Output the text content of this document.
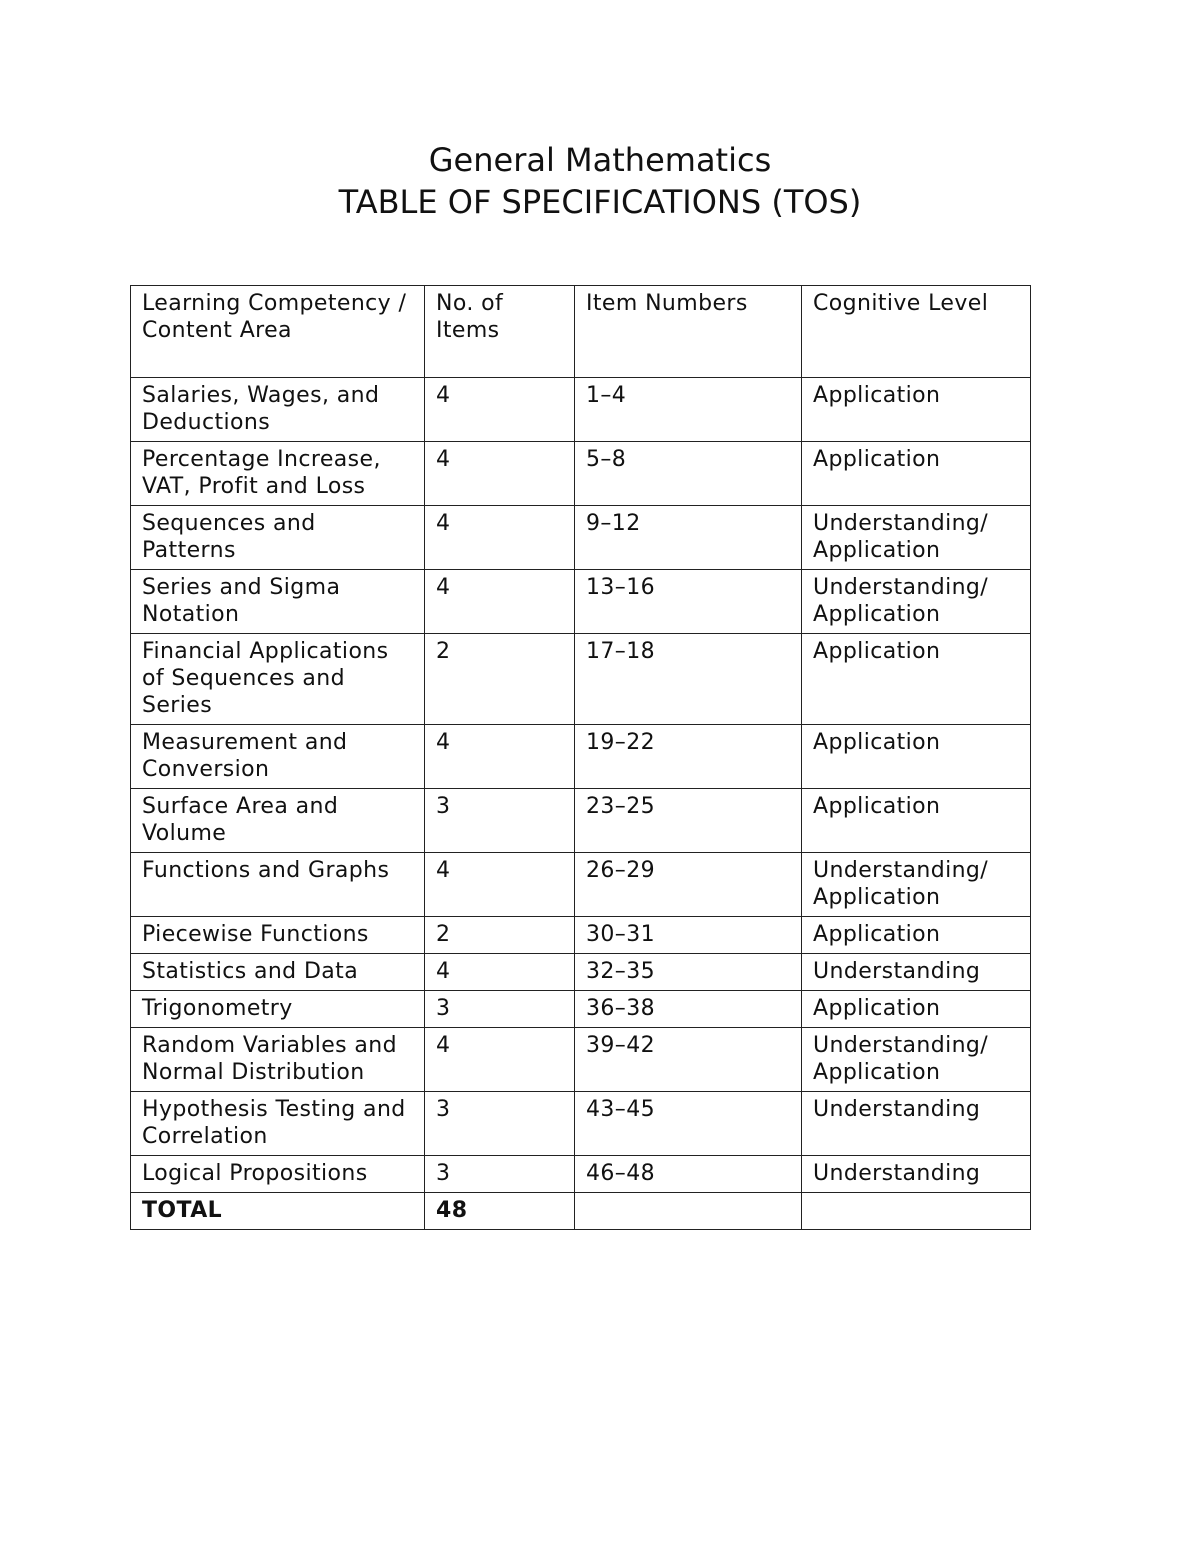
General Mathematics
TABLE OF SPECIFICATIONS (TOS)
Learning Competency / Content Area	No. of Items	Item Numbers	Cognitive Level
Salaries, Wages, and Deductions	4	1–4	Application
Percentage Increase, VAT, Profit and Loss	4	5–8	Application
Sequences and Patterns	4	9–12	Understanding/ Application
Series and Sigma Notation	4	13–16	Understanding/ Application
Financial Applications of Sequences and Series	2	17–18	Application
Measurement and Conversion	4	19–22	Application
Surface Area and Volume	3	23–25	Application
Functions and Graphs	4	26–29	Understanding/ Application
Piecewise Functions	2	30–31	Application
Statistics and Data	4	32–35	Understanding
Trigonometry	3	36–38	Application
Random Variables and Normal Distribution	4	39–42	Understanding/ Application
Hypothesis Testing and Correlation	3	43–45	Understanding
Logical Propositions	3	46–48	Understanding
TOTAL	48		
